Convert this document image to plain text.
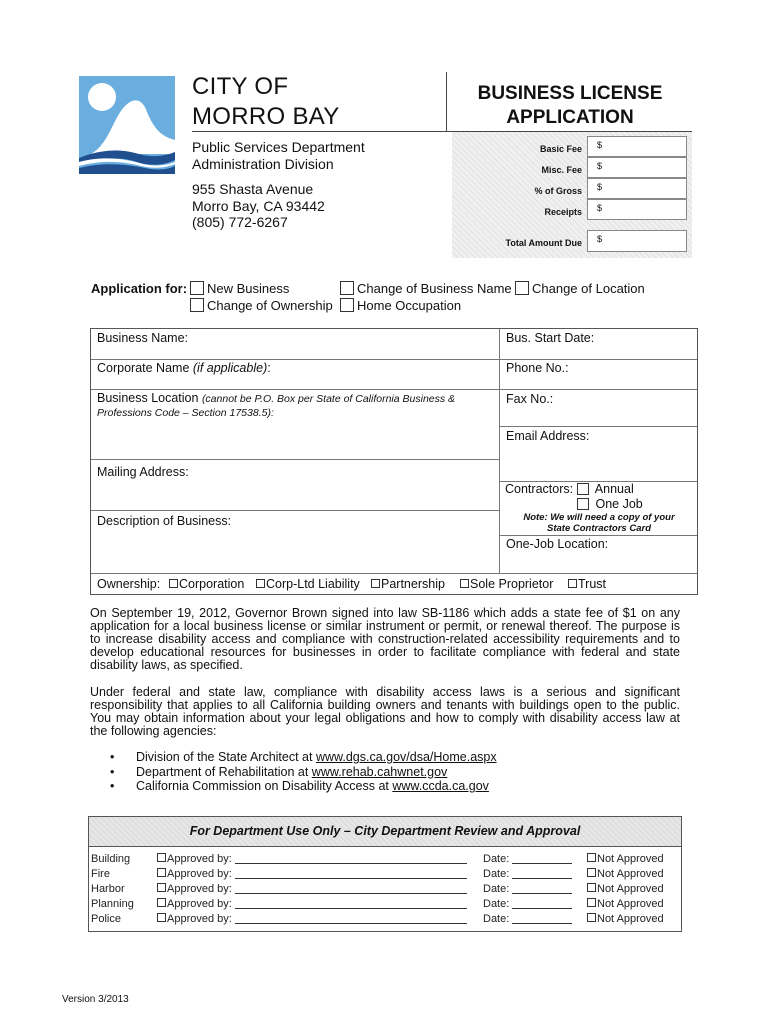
CITY OF
MORRO BAY
Public Services Department
Administration Division
955 Shasta Avenue
Morro Bay, CA 93442
(805) 772-6267
BUSINESS LICENSE
APPLICATION
Basic Fee	$
Misc. Fee	$
% of Gross	$
Receipts	$
Total Amount Due	$
Application for:	New Business	Change of Business Name	Change of Location
Change of Ownership	Home Occupation
Business Name:	Bus. Start Date:
Corporate Name (if applicable):	Phone No.:
Business Location (cannot be P.O. Box per State of California Business &
Professions Code – Section 17538.5):
Fax No.:
Email Address:
Mailing Address:
Contractors:	Annual
One Job
Note: We will need a copy of your
State Contractors Card
Description of Business:
One-Job Location:
Ownership:	Corporation	Corp-Ltd Liability	Partnership	Sole Proprietor	Trust
On September 19, 2012, Governor Brown signed into law SB-1186 which adds a state fee of $1 on any application for a local business license or similar instrument or permit, or renewal thereof. The purpose is to increase disability access and compliance with construction-related accessibility requirements and to develop educational resources for businesses in order to facilitate compliance with federal and state disability laws, as specified.
Under federal and state law, compliance with disability access laws is a serious and significant responsibility that applies to all California building owners and tenants with buildings open to the public. You may obtain information about your legal obligations and how to comply with disability access law at the following agencies:
• Division of the State Architect at www.dgs.ca.gov/dsa/Home.aspx
• Department of Rehabilitation at www.rehab.cahwnet.gov
• California Commission on Disability Access at www.ccda.ca.gov
For Department Use Only – City Department Review and Approval
Building	Approved by:	Date:	Not Approved
Fire	Approved by:	Date:	Not Approved
Harbor	Approved by:	Date:	Not Approved
Planning	Approved by:	Date:	Not Approved
Police	Approved by:	Date:	Not Approved
Version 3/2013
